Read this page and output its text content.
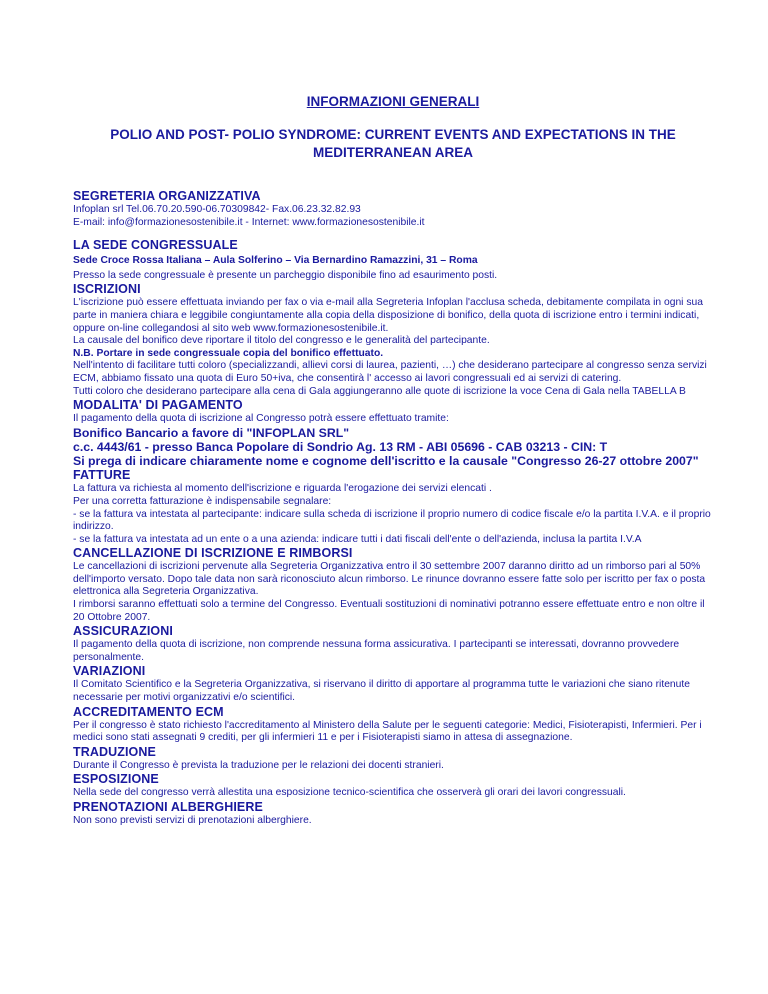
INFORMAZIONI GENERALI
POLIO AND POST- POLIO SYNDROME: CURRENT EVENTS AND EXPECTATIONS IN THE MEDITERRANEAN AREA
SEGRETERIA ORGANIZZATIVA

Infoplan srl Tel.06.70.20.590-06.70309842- Fax.06.23.32.82.93

E-mail: info@formazionesostenibile.it - Internet: www.formazionesostenibile.it

LA SEDE CONGRESSUALE

Sede Croce Rossa Italiana – Aula Solferino – Via Bernardino Ramazzini, 31 – Roma

Presso la sede congressuale è presente un parcheggio disponibile fino ad esaurimento posti.

ISCRIZIONI

L'iscrizione può essere effettuata inviando per fax o via e-mail alla Segreteria Infoplan l'acclusa scheda, debitamente compilata in ogni sua parte in maniera chiara e leggibile congiuntamente alla copia della disposizione di bonifico, della quota di iscrizione entro i termini indicati, oppure on-line collegandosi al sito web www.formazionesostenibile.it.

La causale del bonifico deve riportare il titolo del congresso e le generalità del partecipante.

N.B. Portare in sede congressuale copia del bonifico effettuato.

Nell'intento di facilitare tutti coloro (specializzandi, allievi corsi di laurea, pazienti, …) che desiderano partecipare al congresso senza servizi ECM, abbiamo fissato una quota di Euro 50+iva, che consentirà l' accesso ai lavori congressuali ed ai servizi di catering.

Tutti coloro che desiderano partecipare alla cena di Gala aggiungeranno alle quote di iscrizione la voce Cena di Gala nella TABELLA B

MODALITA' DI PAGAMENTO

Il pagamento della quota di iscrizione al Congresso potrà essere effettuato tramite:

Bonifico Bancario a favore di "INFOPLAN SRL"

c.c. 4443/61 - presso Banca Popolare di Sondrio Ag. 13 RM - ABI 05696 - CAB 03213 - CIN: T

Si prega di indicare chiaramente nome e cognome dell'iscritto e la causale "Congresso 26-27 ottobre 2007"

FATTURE

La fattura va richiesta al momento dell'iscrizione e riguarda l'erogazione dei servizi elencati .

Per una corretta fatturazione è indispensabile segnalare:

- se la fattura va intestata al partecipante: indicare sulla scheda di iscrizione il proprio numero di codice fiscale e/o la partita I.V.A. e il proprio indirizzo.

- se la fattura va intestata ad un ente o a una azienda: indicare tutti i dati fiscali dell'ente o dell'azienda, inclusa la partita I.V.A

CANCELLAZIONE DI ISCRIZIONE E RIMBORSI

Le cancellazioni di iscrizioni pervenute alla Segreteria Organizzativa entro il 30 settembre 2007 daranno diritto ad un rimborso pari al 50% dell'importo versato. Dopo tale data non sarà riconosciuto alcun rimborso. Le rinunce dovranno essere fatte solo per iscritto per fax o posta elettronica alla Segreteria Organizzativa.

I rimborsi saranno effettuati solo a termine del Congresso. Eventuali sostituzioni di nominativi potranno essere effettuate entro e non oltre il 20 Ottobre 2007.

ASSICURAZIONI

Il pagamento della quota di iscrizione, non comprende nessuna forma assicurativa. I partecipanti se interessati, dovranno provvedere personalmente.

VARIAZIONI

Il Comitato Scientifico e la Segreteria Organizzativa, si riservano il diritto di apportare al programma tutte le variazioni che siano ritenute necessarie per motivi organizzativi e/o scientifici.

ACCREDITAMENTO ECM

Per il congresso è stato richiesto l'accreditamento al Ministero della Salute per le seguenti categorie: Medici, Fisioterapisti, Infermieri. Per i medici sono stati assegnati 9 crediti, per gli infermieri 11 e per i Fisioterapisti siamo in attesa di assegnazione.

TRADUZIONE

Durante il Congresso è prevista la traduzione per le relazioni dei docenti stranieri.

ESPOSIZIONE

Nella sede del congresso verrà allestita una esposizione tecnico-scientifica che osserverà gli orari dei lavori congressuali.

PRENOTAZIONI ALBERGHIERE

Non sono previsti servizi di prenotazioni alberghiere.
